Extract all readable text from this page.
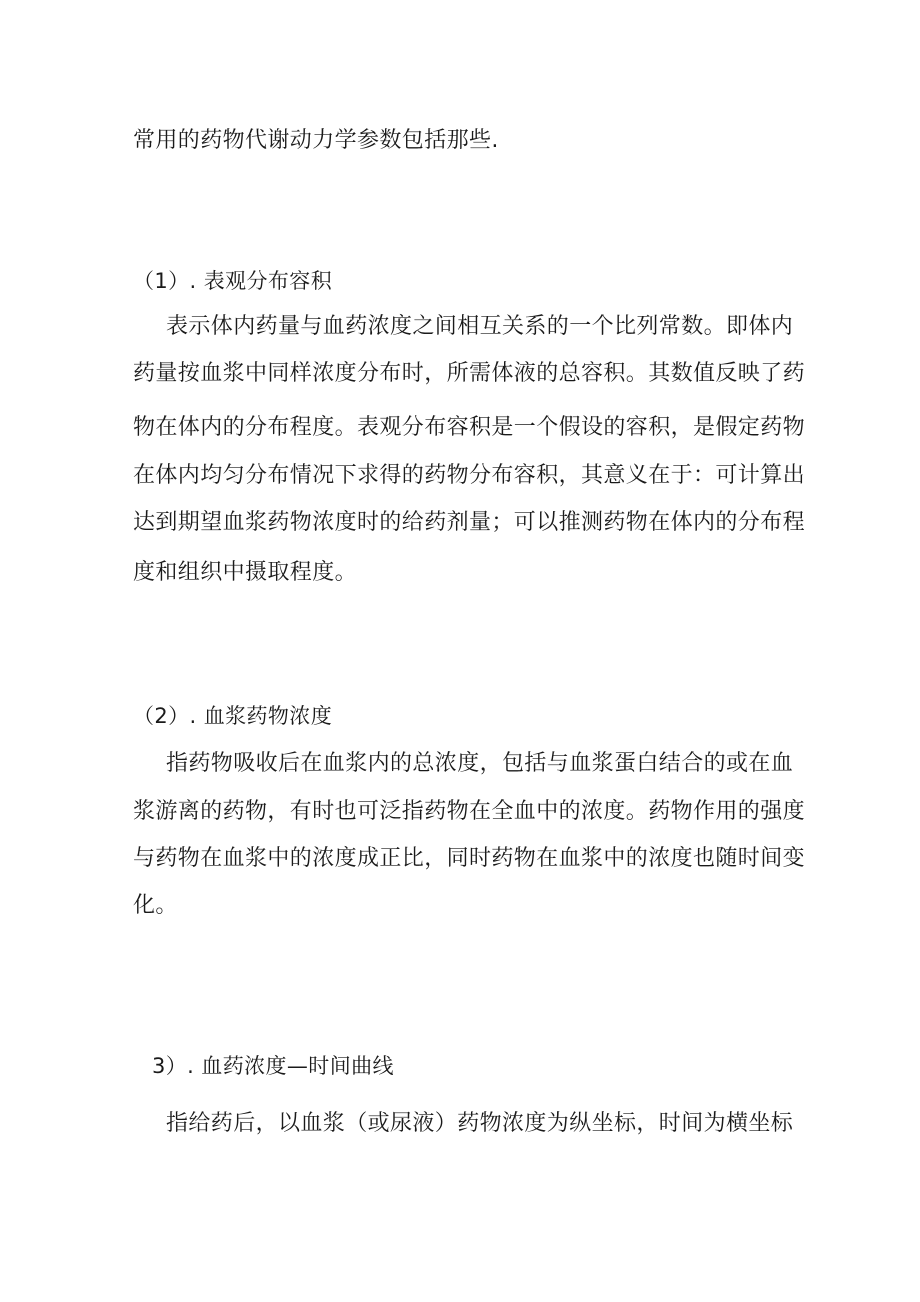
常用的药物代谢动力学参数包括那些.
（1）. 表观分布容积
表示体内药量与血药浓度之间相互关系的一个比列常数。即体内
药量按血浆中同样浓度分布时，所需体液的总容积。其数值反映了药
物在体内的分布程度。表观分布容积是一个假设的容积，是假定药物
在体内均匀分布情况下求得的药物分布容积，其意义在于：可计算出
达到期望血浆药物浓度时的给药剂量；可以推测药物在体内的分布程
度和组织中摄取程度。
（2）. 血浆药物浓度
指药物吸收后在血浆内的总浓度，包括与血浆蛋白结合的或在血
浆游离的药物，有时也可泛指药物在全血中的浓度。药物作用的强度
与药物在血浆中的浓度成正比，同时药物在血浆中的浓度也随时间变
化。
3）. 血药浓度—时间曲线
指给药后，以血浆（或尿液）药物浓度为纵坐标，时间为横坐标
